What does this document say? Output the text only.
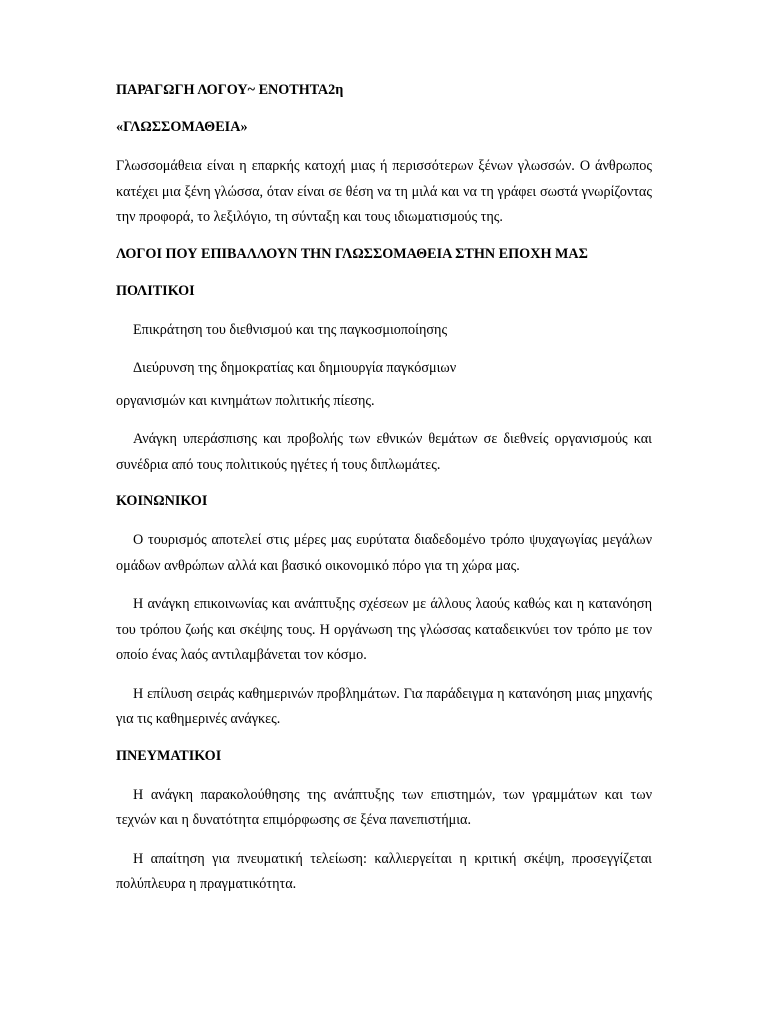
ΠΑΡΑΓΩΓΗ ΛΟΓΟΥ~ ΕΝΟΤΗΤΑ2η
«ΓΛΩΣΣΟΜΑΘΕΙΑ»
Γλωσσομάθεια είναι η επαρκής κατοχή μιας ή περισσότερων ξένων γλωσσών. Ο άνθρωπος κατέχει μια ξένη γλώσσα, όταν είναι σε θέση να τη μιλά και να τη γράφει σωστά γνωρίζοντας την προφορά, το λεξιλόγιο, τη σύνταξη και τους ιδιωματισμούς της.
ΛΟΓΟΙ ΠΟΥ ΕΠΙΒΑΛΛΟΥΝ ΤΗΝ ΓΛΩΣΣΟΜΑΘΕΙΑ ΣΤΗΝ ΕΠΟΧΗ ΜΑΣ
ΠΟΛΙΤΙΚΟΙ
Επικράτηση του διεθνισμού και της παγκοσμιοποίησης
Διεύρυνση της δημοκρατίας και δημιουργία παγκόσμιων
οργανισμών και κινημάτων πολιτικής πίεσης.
Ανάγκη υπεράσπισης και προβολής των εθνικών θεμάτων σε διεθνείς οργανισμούς και συνέδρια από τους πολιτικούς ηγέτες ή τους διπλωμάτες.
ΚΟΙΝΩΝΙΚΟΙ
Ο τουρισμός αποτελεί στις μέρες μας ευρύτατα διαδεδομένο τρόπο ψυχαγωγίας μεγάλων ομάδων ανθρώπων αλλά και βασικό οικονομικό πόρο για τη χώρα μας.
Η ανάγκη επικοινωνίας και ανάπτυξης σχέσεων με άλλους λαούς καθώς και η κατανόηση του τρόπου ζωής και σκέψης τους. Η οργάνωση της γλώσσας καταδεικνύει τον τρόπο με τον οποίο ένας λαός αντιλαμβάνεται τον κόσμο.
Η επίλυση σειράς καθημερινών προβλημάτων. Για παράδειγμα η κατανόηση μιας μηχανής για τις καθημερινές ανάγκες.
ΠΝΕΥΜΑΤΙΚΟΙ
Η ανάγκη παρακολούθησης της ανάπτυξης των επιστημών, των γραμμάτων και των τεχνών και η δυνατότητα επιμόρφωσης σε ξένα πανεπιστήμια.
Η απαίτηση για πνευματική τελείωση: καλλιεργείται η κριτική σκέψη, προσεγγίζεται πολύπλευρα η πραγματικότητα.
